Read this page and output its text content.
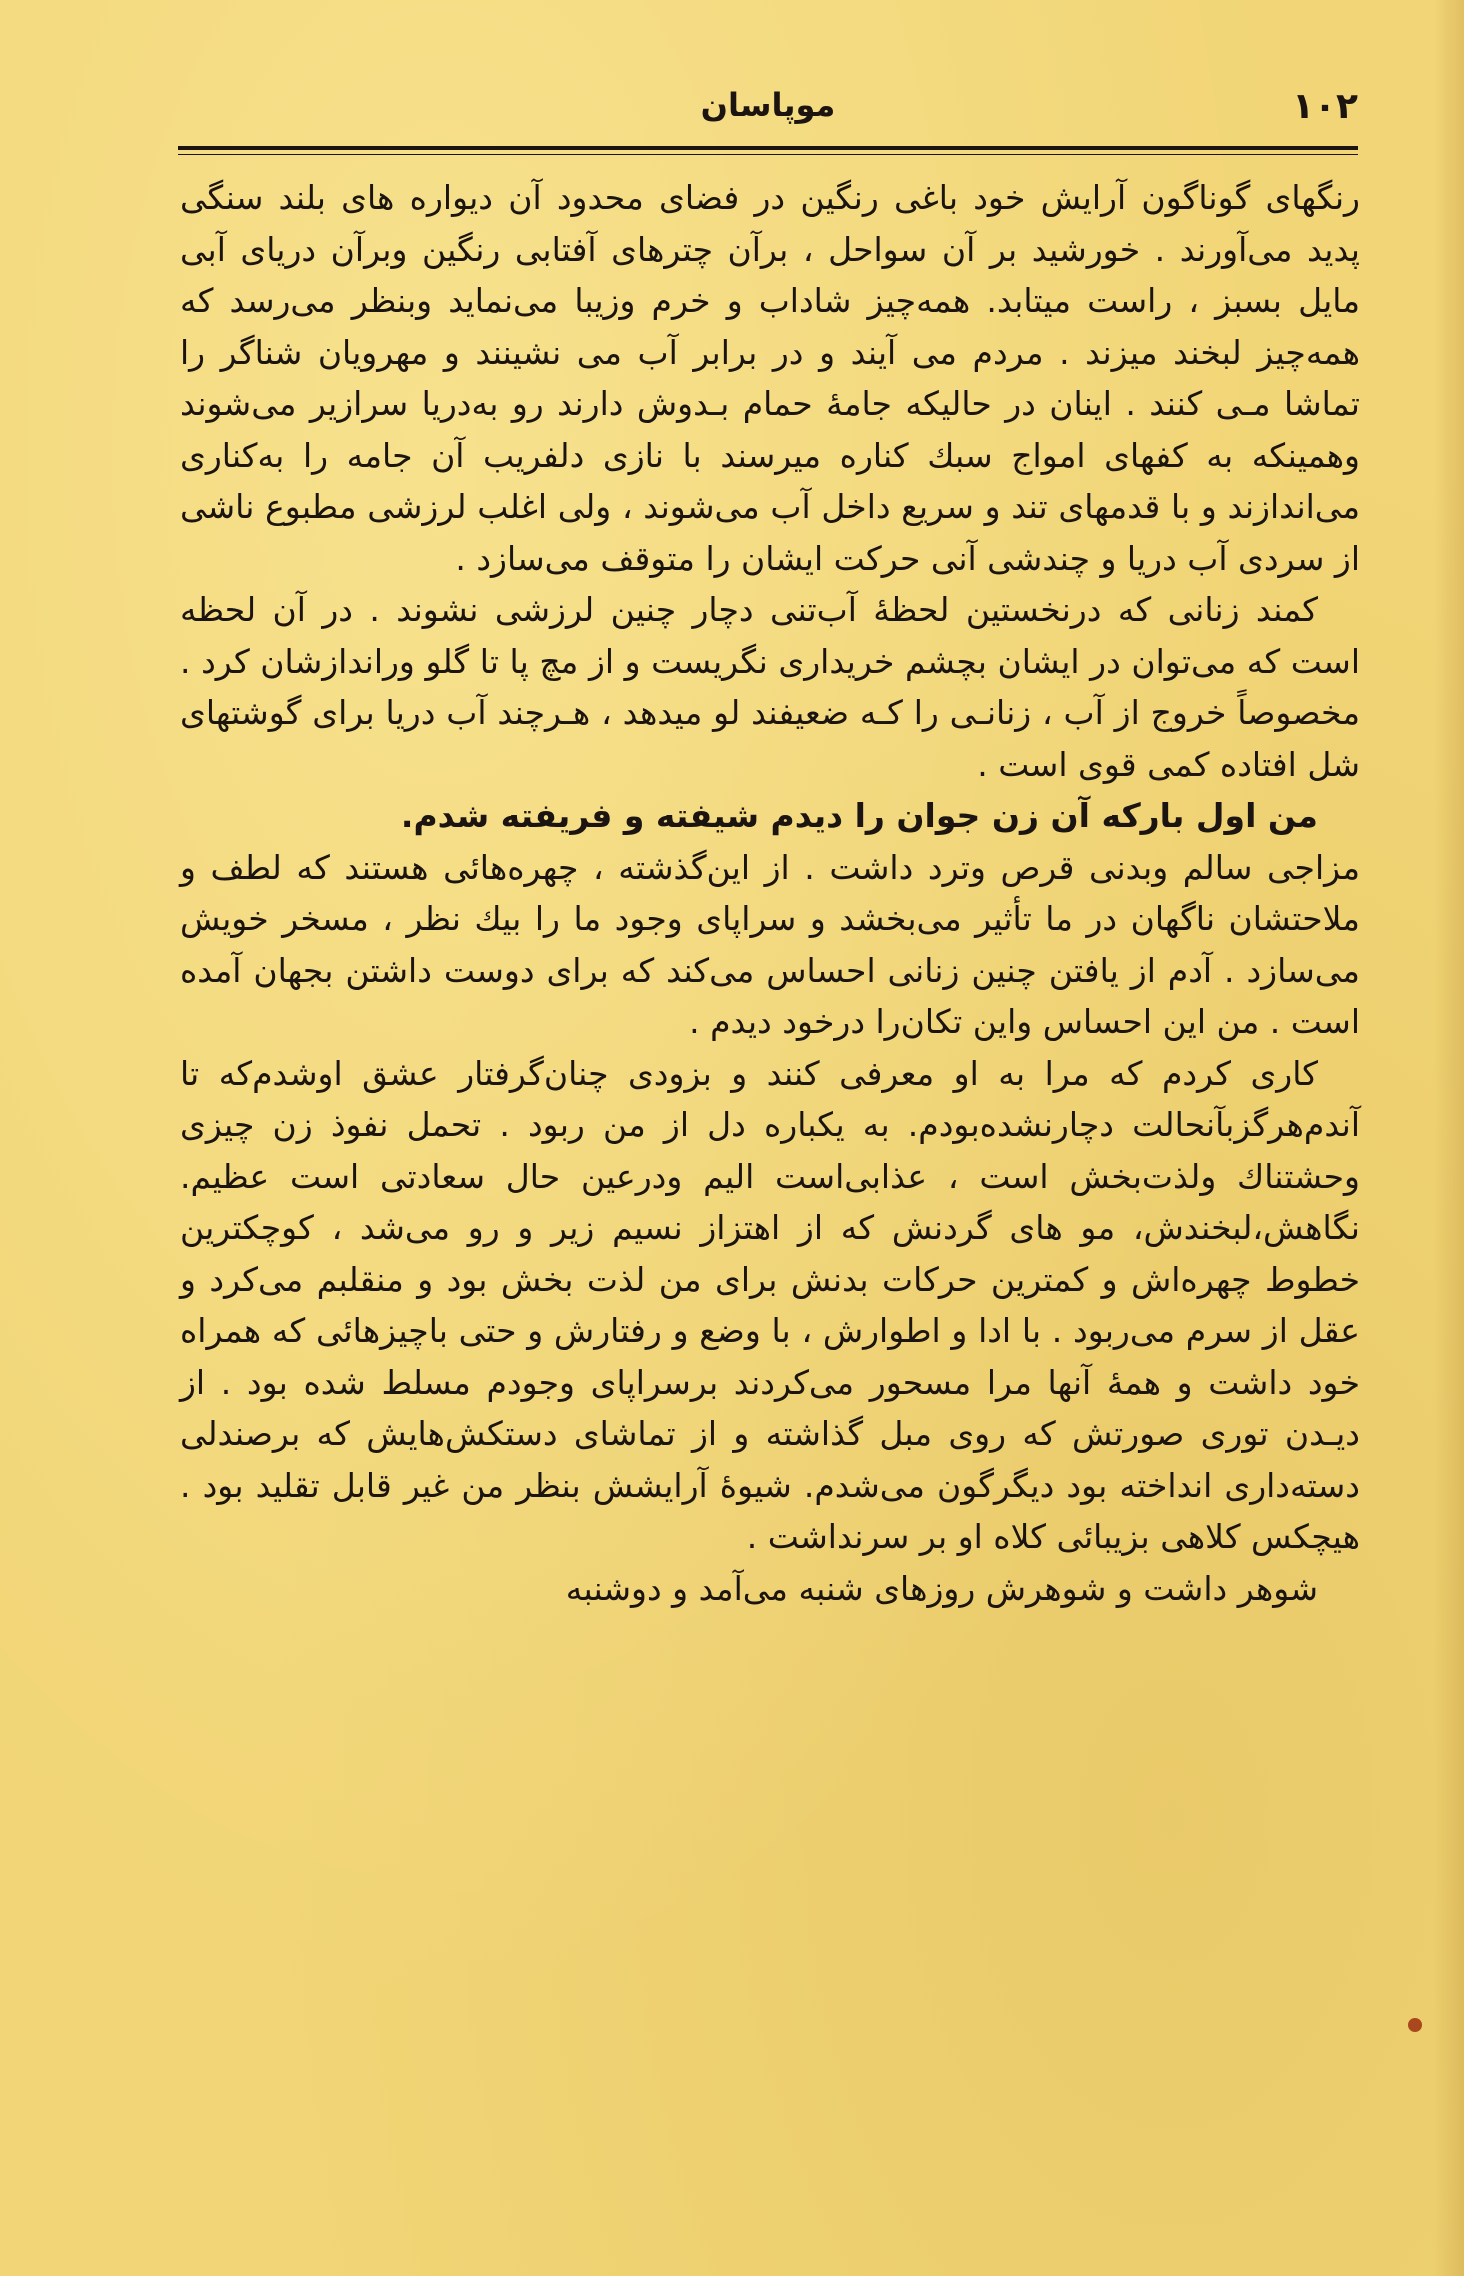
۱۰۲
موپاسان

رنگهای گوناگون آرایش خود باغی رنگین در فضای محدود آن دیواره های بلند سنگی پدید می‌آورند . خورشید بر آن سواحل ، برآن چترهای آفتابی رنگین وبرآن دریای آبی مایل بسبز ، راست میتابد. همه‌چیز شاداب و خرم وزیبا می‌نماید وبنظر می‌رسد که همه‌چیز لبخند میزند . مردم می آیند و در برابر آب می نشینند و مهرویان شناگر را تماشا مـی کنند . اینان در حالیکه جامهٔ حمام بـدوش دارند رو به‌دریا سرازیر می‌شوند وهمینکه به کفهای امواج سبك کناره میرسند با نازی دلفریب آن جامه را به‌کناری می‌اندازند و با قدمهای تند و سریع داخل آب می‌شوند ، ولی اغلب لرزشی مطبوع ناشی از سردی آب دریا و چندشی آنی حرکت ایشان را متوقف می‌سازد .

کمند زنانی که درنخستین لحظهٔ آب‌تنی دچار چنین لرزشی نشوند . در آن لحظه است که می‌توان در ایشان بچشم خریداری نگریست و از مچ پا تا گلو وراندازشان کرد . مخصوصاً خروج از آب ، زنانـی را کـه ضعیفند لو میدهد ، هـرچند آب دریا برای گوشتهای شل افتاده کمی قوی است .

من اول بارکه آن زن جوان را دیدم شیفته و فریفته شدم.

مزاجی سالم وبدنی قرص وترد داشت . از این‌گذشته ، چهره‌هائی هستند که لطف و ملاحتشان ناگهان در ما تأثیر می‌بخشد و سراپای وجود ما را بیك نظر ، مسخر خویش می‌سازد . آدم از یافتن چنین زنانی احساس می‌کند که برای دوست داشتن بجهان آمده است . من این احساس واین تکان‌را درخود دیدم .

کاری کردم که مرا به او معرفی کنند و بزودی چنان‌گرفتار عشق اوشدم‌که تا آندم‌هرگز‌بآنحالت دچارنشده‌بودم. به یکباره دل از من ربود . تحمل نفوذ زن چیزی وحشتناك ولذت‌بخش است ، عذابی‌است الیم ودرعین حال سعادتی است عظیم. نگاهش،لبخندش، مو های گردنش که از اهتزاز نسیم زیر و رو می‌شد ، کوچکترین خطوط چهره‌اش و کمترین حرکات بدنش برای من لذت بخش بود و منقلبم می‌کرد و عقل از سرم می‌ربود . با ادا و اطوارش ، با وضع و رفتارش و حتی باچیزهائی که همراه خود داشت و همهٔ آنها مرا مسحور می‌کردند برسراپای وجودم مسلط شده بود . از دیـدن توری صورتش که روی مبل گذاشته و از تماشای دستکش‌هایش که برصندلی دسته‌داری انداخته بود دیگرگون می‌شدم. شیوهٔ آرایشش بنظر من غیر قابل تقلید بود . هیچکس کلاهی بزیبائی کلاه او بر سرنداشت .

شوهر داشت و شوهرش روزهای شنبه می‌آمد و دوشنبه
